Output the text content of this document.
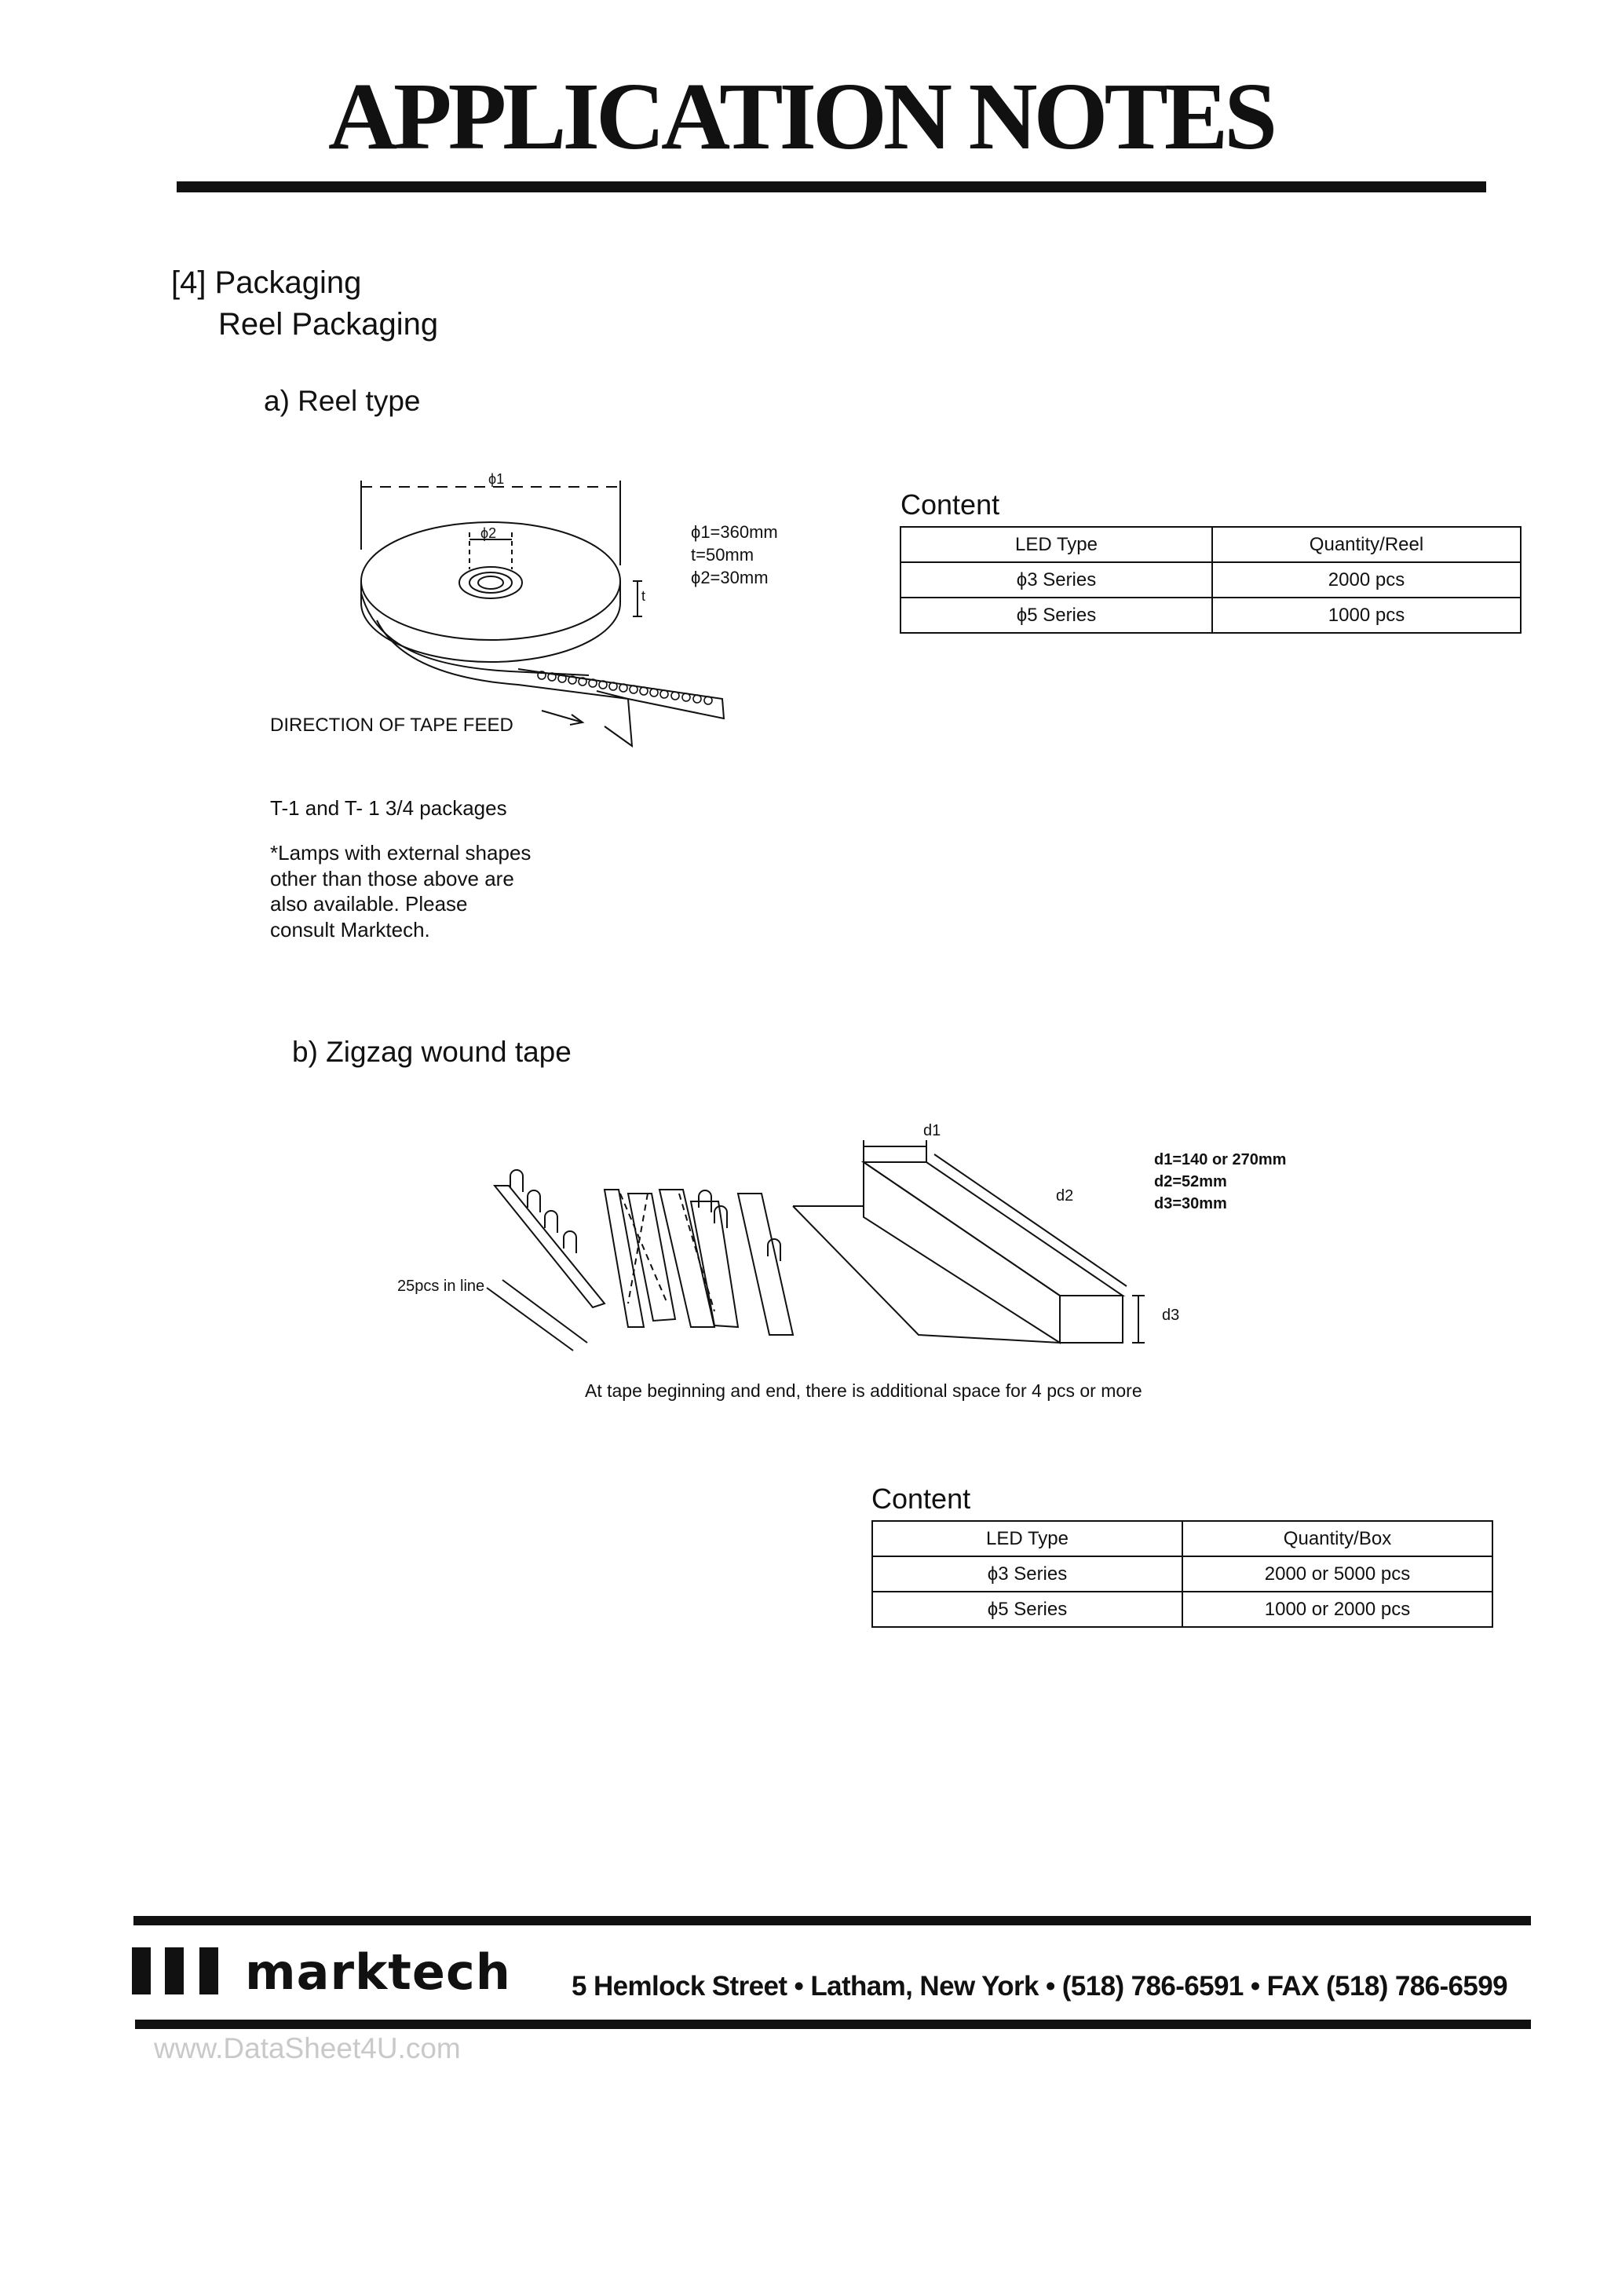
APPLICATION NOTES
[4] Packaging
Reel Packaging
a) Reel type
ϕ1
ϕ2
t
ϕ1=360mm
t=50mm
ϕ2=30mm
DIRECTION OF TAPE FEED
T-1 and T- 1 3/4 packages
*Lamps with external shapes
other than those above are
also available. Please
consult Marktech.
Content
LED Type	Quantity/Reel
ϕ3 Series	2000 pcs
ϕ5 Series	1000 pcs
b) Zigzag wound tape
d1
d2
d3
d1=140 or 270mm
d2=52mm
d3=30mm
25pcs in line
At tape beginning and end, there is additional space for 4 pcs or more
Content
LED Type	Quantity/Box
ϕ3 Series	2000 or 5000 pcs
ϕ5 Series	1000 or 2000 pcs
marktech 5 Hemlock Street • Latham, New York • (518) 786-6591 • FAX (518) 786-6599
www.DataSheet4U.com
